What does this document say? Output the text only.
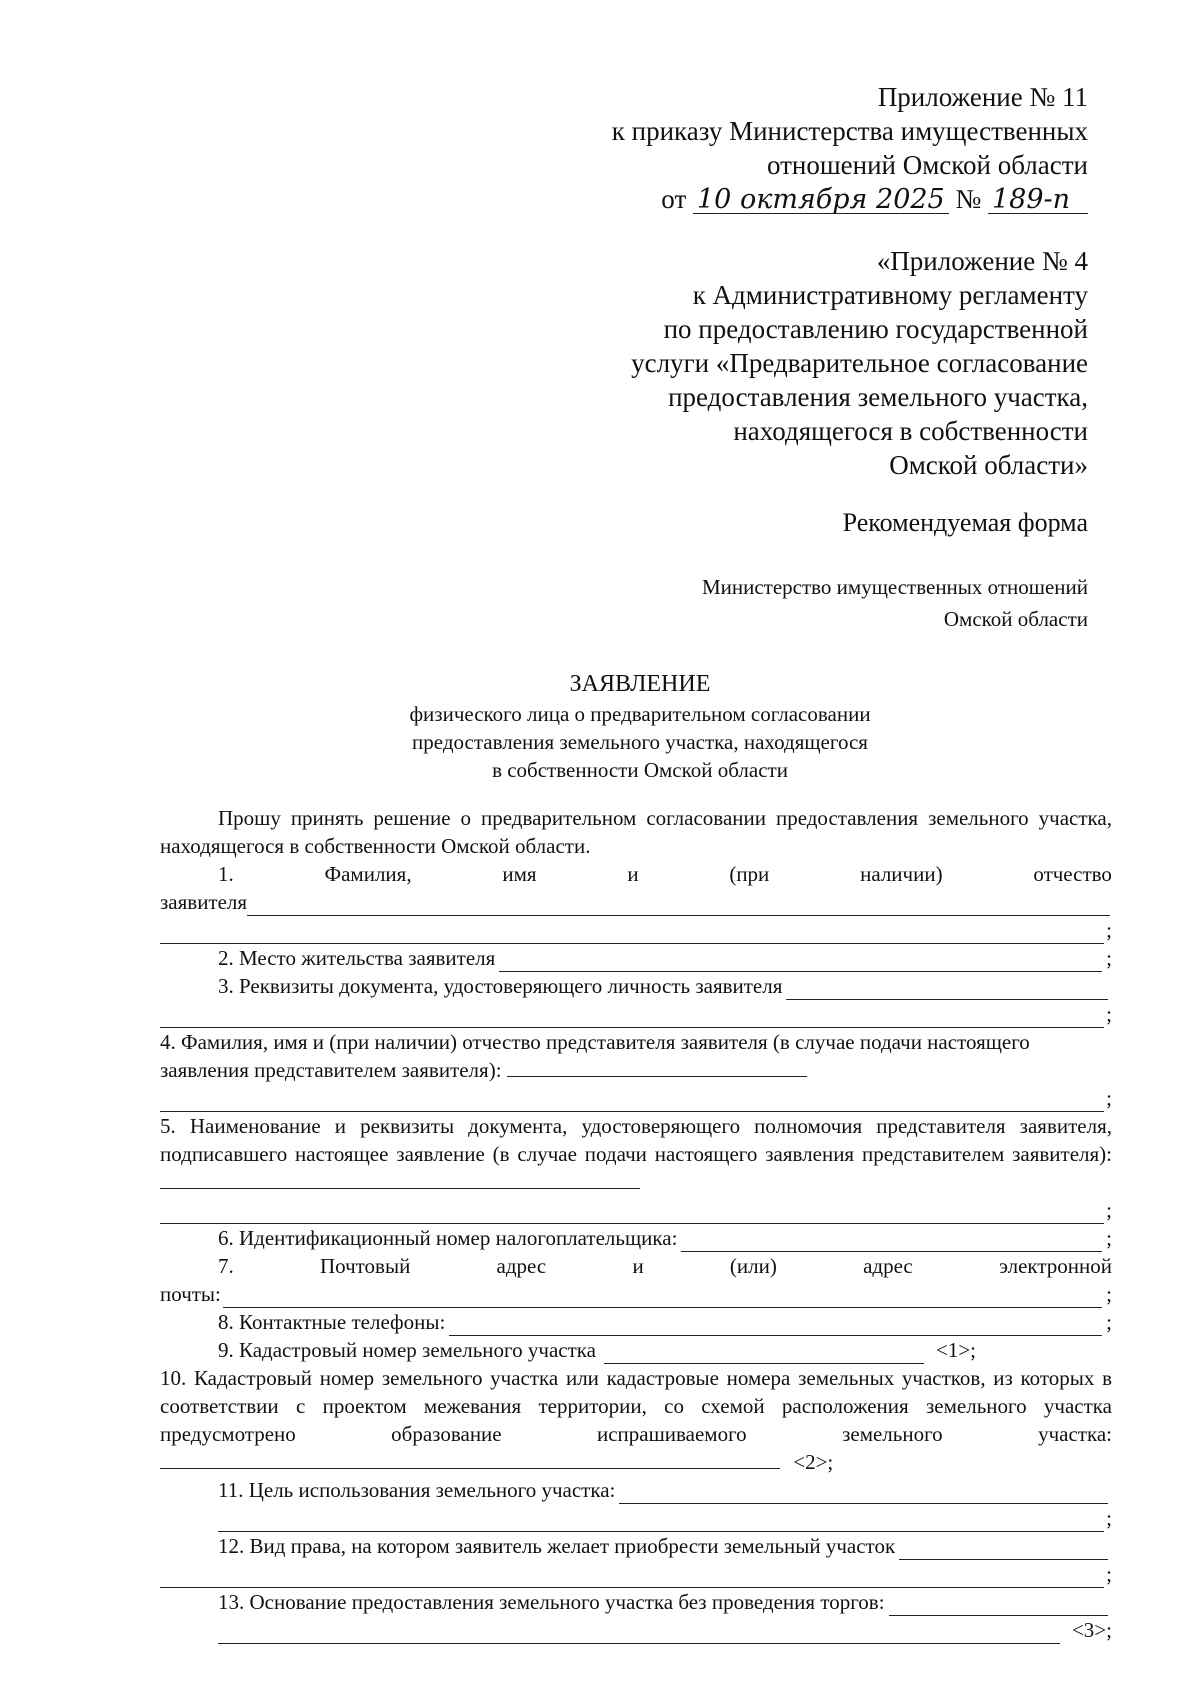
Приложение № 11
к приказу Министерства имущественных
отношений Омской области
от 10 октября 2025 № 189-п
«Приложение № 4
к Административному регламенту
по предоставлению государственной
услуги «Предварительное согласование
предоставления земельного участка,
находящегося в собственности
Омской области»
Рекомендуемая форма
Министерство имущественных отношений
Омской области
ЗАЯВЛЕНИЕ
физического лица о предварительном согласовании
предоставления земельного участка, находящегося
в собственности Омской области

Прошу принять решение о предварительном согласовании предоставления земельного участка, находящегося в собственности Омской области.

1.	Фамилия,	имя	и	(при	наличии)	отчество
заявителя
;
2. Место жительства заявителя	;
3. Реквизиты документа, удостоверяющего личность заявителя
;

4. Фамилия, имя и (при наличии) отчество представителя заявителя (в случае подачи настоящего заявления представителем заявителя):

;

5. Наименование и реквизиты документа, удостоверяющего полномочия представителя заявителя, подписавшего настоящее заявление (в случае подачи настоящего заявления представителем заявителя):

;
6. Идентификационный номер налогоплательщика:	;
7.	Почтовый	адрес	и	(или)	адрес	электронной
почты:	;
8. Контактные телефоны:	;
9. Кадастровый номер земельного участка	<1>;

10. Кадастровый номер земельного участка или кадастровые номера земельных участков, из которых в соответствии с проектом межевания территории, со схемой расположения земельного участка предусмотрено образование испрашиваемого земельного участка:

<2>;
11. Цель использования земельного участка:
;
12. Вид права, на котором заявитель желает приобрести земельный участок
;
13. Основание предоставления земельного участка без проведения торгов:
<3>;
